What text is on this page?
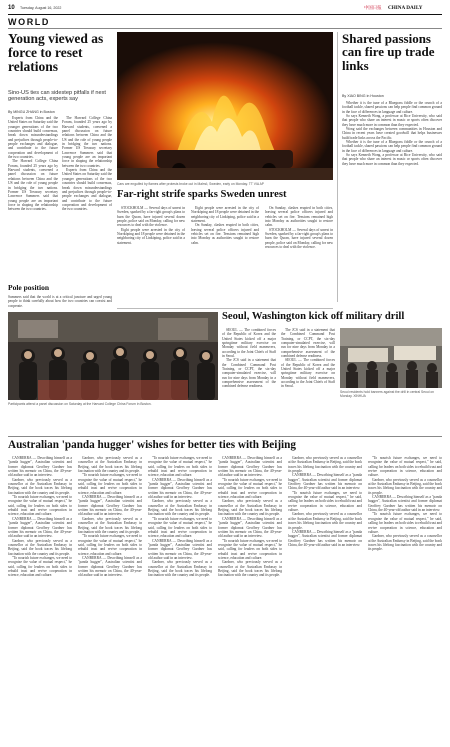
10 Tuesday, August 16, 2022	中国日报 CHINA DAILY
WORLD
Young viewed as force to reset relations
Sino-US ties can sidestep pitfalls if next generation acts, experts say
By MINGU ZHANG in Boston

Experts from China and the United States on Saturday said the younger generations of the two countries should build consensus, break down misunderstandings and prejudices through people-to-people exchanges and dialogue, and contribute to the future cooperation and development of the two countries.

The Harvard College China Forum, founded 25 years ago by Harvard students, convened a panel discussion on future relations between China and the US and the role of young people in bridging the two nations. Former US Treasury secretary Lawrence Summers said that young people are an important force in shaping the relationship between the two countries.

The Harvard College China Forum, founded 25 years ago by Harvard students, convened a panel discussion on future relations between China and the US and the role of young people in bridging the two nations. Former US Treasury secretary Lawrence Summers said that young people are an important force in shaping the relationship between the two countries.

Experts from China and the United States on Saturday said the younger generations of the two countries should build consensus, break down misunderstandings and prejudices through people-to-people exchanges and dialogue, and contribute to the future cooperation and development of the two countries.

Pole position

Summers said that the world is at a critical juncture and urged young people to think carefully about how the two countries can coexist and cooperate.

Participants attend a panel discussion on Saturday at the Harvard College China Forum in Boston.
Cars are engulfed by flames after protests broke out in Malmö, Sweden, early on Monday. TT VIA AP
Far-right strife sparks Sweden unrest

STOCKHOLM — Several days of unrest in Sweden, sparked by a far-right group's plans to burn the Quran, have injured several dozen people, police said on Monday, calling for new resources to deal with the violence.

Eight people were arrested in the city of Norrköping and 18 people were detained in the neighboring city of Linköping, police said in a statement.

Eight people were arrested in the city of Norrköping and 18 people were detained in the neighboring city of Linköping, police said in a statement.

On Sunday, clashes erupted in both cities, leaving several police officers injured and vehicles set on fire. Tensions remained high into Monday as authorities sought to restore calm.

On Sunday, clashes erupted in both cities, leaving several police officers injured and vehicles set on fire. Tensions remained high into Monday as authorities sought to restore calm.

STOCKHOLM — Several days of unrest in Sweden, sparked by a far-right group's plans to burn the Quran, have injured several dozen people, police said on Monday, calling for new resources to deal with the violence.

Seoul, Washington kick off military drill

SEOUL — The combined forces of the Republic of Korea and the United States kicked off a major springtime military exercise on Monday without field maneuvers, according to the Joint Chiefs of Staff in Seoul.

The JCS said in a statement that the Combined Command Post Training, or CCPT, the six-day computer-simulated exercise, will run for nine days from Monday in a comprehensive assessment of the combined defense readiness.

The JCS said in a statement that the Combined Command Post Training, or CCPT, the six-day computer-simulated exercise, will run for nine days from Monday in a comprehensive assessment of the combined defense readiness.

SEOUL — The combined forces of the Republic of Korea and the United States kicked off a major springtime military exercise on Monday without field maneuvers, according to the Joint Chiefs of Staff in Seoul.

Seoul residents hold banners against the drill in central Seoul on Monday. XINHUA
Shared passions can fire up trade links
By XIAO BING in Houston

Whether it is the tune of a Bluegrass fiddle or the crunch of a football tackle, shared passions can help people find common ground in the face of differences in language and culture.

So says Kenneth Wong, a professor at Rice University, who said that people who share an interest in music or sports often discover they have much more in common than they expected.

Wong said the exchanges between communities in Houston and China in recent years have created goodwill that helps businesses build trade links across the Pacific.

Whether it is the tune of a Bluegrass fiddle or the crunch of a football tackle, shared passions can help people find common ground in the face of differences in language and culture.

So says Kenneth Wong, a professor at Rice University, who said that people who share an interest in music or sports often discover they have much more in common than they expected.

Australian 'panda hugger' wishes for better ties with Beijing

CANBERRA — Describing himself as a "panda hugger", Australian scientist and former diplomat Geoffrey Gardner has written his memoir on China, the 40-year-old author said in an interview.

Gardner, who previously served as a counsellor at the Australian Embassy in Beijing, said the book traces his lifelong fascination with the country and its people.

"To nourish future exchanges, we need to recognize the value of mutual respect," he said, calling for leaders on both sides to rebuild trust and revive cooperation in science, education and culture.

CANBERRA — Describing himself as a "panda hugger", Australian scientist and former diplomat Geoffrey Gardner has written his memoir on China, the 40-year-old author said in an interview.

Gardner, who previously served as a counsellor at the Australian Embassy in Beijing, said the book traces his lifelong fascination with the country and its people.

"To nourish future exchanges, we need to recognize the value of mutual respect," he said, calling for leaders on both sides to rebuild trust and revive cooperation in science, education and culture.

Gardner, who previously served as a counsellor at the Australian Embassy in Beijing, said the book traces his lifelong fascination with the country and its people.

"To nourish future exchanges, we need to recognize the value of mutual respect," he said, calling for leaders on both sides to rebuild trust and revive cooperation in science, education and culture.

CANBERRA — Describing himself as a "panda hugger", Australian scientist and former diplomat Geoffrey Gardner has written his memoir on China, the 40-year-old author said in an interview.

Gardner, who previously served as a counsellor at the Australian Embassy in Beijing, said the book traces his lifelong fascination with the country and its people.

"To nourish future exchanges, we need to recognize the value of mutual respect," he said, calling for leaders on both sides to rebuild trust and revive cooperation in science, education and culture.

CANBERRA — Describing himself as a "panda hugger", Australian scientist and former diplomat Geoffrey Gardner has written his memoir on China, the 40-year-old author said in an interview.

"To nourish future exchanges, we need to recognize the value of mutual respect," he said, calling for leaders on both sides to rebuild trust and revive cooperation in science, education and culture.

CANBERRA — Describing himself as a "panda hugger", Australian scientist and former diplomat Geoffrey Gardner has written his memoir on China, the 40-year-old author said in an interview.

Gardner, who previously served as a counsellor at the Australian Embassy in Beijing, said the book traces his lifelong fascination with the country and its people.

"To nourish future exchanges, we need to recognize the value of mutual respect," he said, calling for leaders on both sides to rebuild trust and revive cooperation in science, education and culture.

CANBERRA — Describing himself as a "panda hugger", Australian scientist and former diplomat Geoffrey Gardner has written his memoir on China, the 40-year-old author said in an interview.

Gardner, who previously served as a counsellor at the Australian Embassy in Beijing, said the book traces his lifelong fascination with the country and its people.

CANBERRA — Describing himself as a "panda hugger", Australian scientist and former diplomat Geoffrey Gardner has written his memoir on China, the 40-year-old author said in an interview.

"To nourish future exchanges, we need to recognize the value of mutual respect," he said, calling for leaders on both sides to rebuild trust and revive cooperation in science, education and culture.

Gardner, who previously served as a counsellor at the Australian Embassy in Beijing, said the book traces his lifelong fascination with the country and its people.

CANBERRA — Describing himself as a "panda hugger", Australian scientist and former diplomat Geoffrey Gardner has written his memoir on China, the 40-year-old author said in an interview.

"To nourish future exchanges, we need to recognize the value of mutual respect," he said, calling for leaders on both sides to rebuild trust and revive cooperation in science, education and culture.

Gardner, who previously served as a counsellor at the Australian Embassy in Beijing, said the book traces his lifelong fascination with the country and its people.

Gardner, who previously served as a counsellor at the Australian Embassy in Beijing, said the book traces his lifelong fascination with the country and its people.

CANBERRA — Describing himself as a "panda hugger", Australian scientist and former diplomat Geoffrey Gardner has written his memoir on China, the 40-year-old author said in an interview.

"To nourish future exchanges, we need to recognize the value of mutual respect," he said, calling for leaders on both sides to rebuild trust and revive cooperation in science, education and culture.

Gardner, who previously served as a counsellor at the Australian Embassy in Beijing, said the book traces his lifelong fascination with the country and its people.

CANBERRA — Describing himself as a "panda hugger", Australian scientist and former diplomat Geoffrey Gardner has written his memoir on China, the 40-year-old author said in an interview.

"To nourish future exchanges, we need to recognize the value of mutual respect," he said, calling for leaders on both sides to rebuild trust and revive cooperation in science, education and culture.

Gardner, who previously served as a counsellor at the Australian Embassy in Beijing, said the book traces his lifelong fascination with the country and its people.

CANBERRA — Describing himself as a "panda hugger", Australian scientist and former diplomat Geoffrey Gardner has written his memoir on China, the 40-year-old author said in an interview.

"To nourish future exchanges, we need to recognize the value of mutual respect," he said, calling for leaders on both sides to rebuild trust and revive cooperation in science, education and culture.

Gardner, who previously served as a counsellor at the Australian Embassy in Beijing, said the book traces his lifelong fascination with the country and its people.
